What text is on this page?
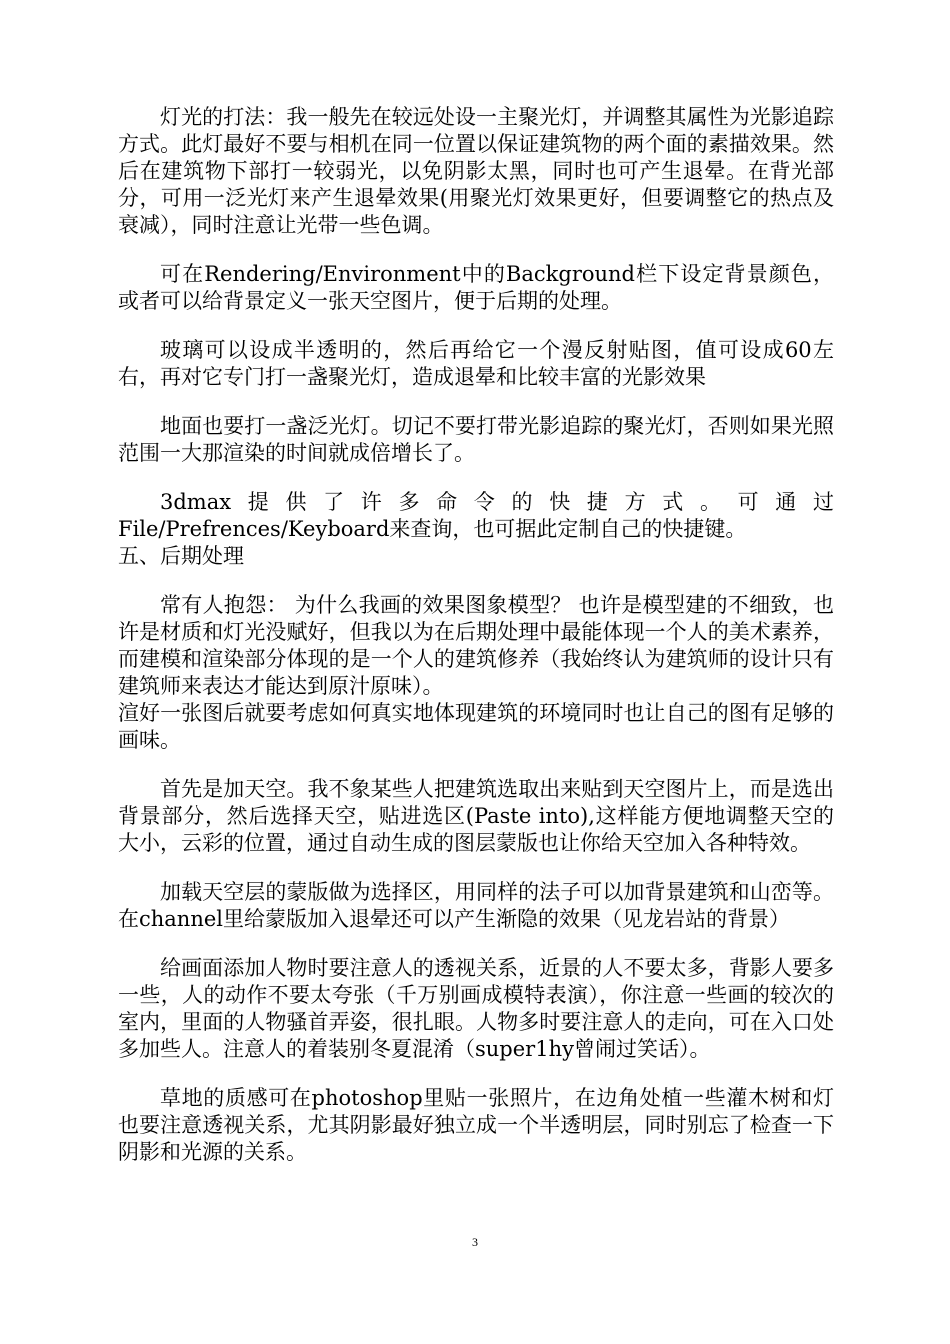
灯光的打法：我一般先在较远处设一主聚光灯，并调整其属性为光影追踪方式。此灯最好不要与相机在同一位置以保证建筑物的两个面的素描效果。然后在建筑物下部打一较弱光，以免阴影太黑，同时也可产生退晕。在背光部分，可用一泛光灯来产生退晕效果(用聚光灯效果更好，但要调整它的热点及衰减），同时注意让光带一些色调。

可在Rendering/Environment中的Background栏下设定背景颜色，或者可以给背景定义一张天空图片，便于后期的处理。

玻璃可以设成半透明的，然后再给它一个漫反射贴图，值可设成60左右，再对它专门打一盏聚光灯，造成退晕和比较丰富的光影效果

地面也要打一盏泛光灯。切记不要打带光影追踪的聚光灯，否则如果光照范围一大那渲染的时间就成倍增长了。

3dmax提供了许多命令的快捷方式。可通过File/Prefrences/Keyboard来查询，也可据此定制自己的快捷键。

五、后期处理

常有人抱怨： 为什么我画的效果图象模型？ 也许是模型建的不细致，也许是材质和灯光没赋好，但我以为在后期处理中最能体现一个人的美术素养，而建模和渲染部分体现的是一个人的建筑修养（我始终认为建筑师的设计只有建筑师来表达才能达到原汁原味）。

渲好一张图后就要考虑如何真实地体现建筑的环境同时也让自己的图有足够的画味。

首先是加天空。我不象某些人把建筑选取出来贴到天空图片上，而是选出背景部分，然后选择天空，贴进选区(Paste into),这样能方便地调整天空的大小，云彩的位置，通过自动生成的图层蒙版也让你给天空加入各种特效。

加载天空层的蒙版做为选择区，用同样的法子可以加背景建筑和山峦等。在channel里给蒙版加入退晕还可以产生渐隐的效果（见龙岩站的背景）

给画面添加人物时要注意人的透视关系，近景的人不要太多，背影人要多一些，人的动作不要太夸张（千万别画成模特表演），你注意一些画的较次的室内，里面的人物骚首弄姿，很扎眼。人物多时要注意人的走向，可在入口处多加些人。注意人的着装别冬夏混淆（super1hy曾闹过笑话）。

草地的质感可在photoshop里贴一张照片，在边角处植一些灌木树和灯也要注意透视关系，尤其阴影最好独立成一个半透明层，同时别忘了检查一下阴影和光源的关系。

3
